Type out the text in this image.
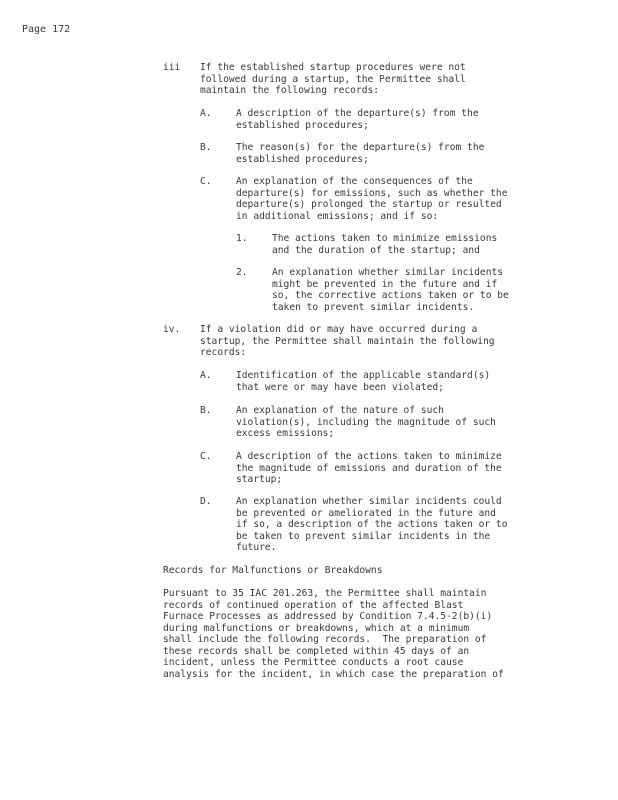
Page 172
iii If the established startup procedures were not
followed during a startup, the Permittee shall
maintain the following records:
A.	A description of the departure(s) from the
established procedures;
B.	The reason(s) for the departure(s) from the
established procedures;
C.	An explanation of the consequences of the
departure(s) for emissions, such as whether the
departure(s) prolonged the startup or resulted
in additional emissions; and if so:
1.	The actions taken to minimize emissions
and the duration of the startup; and
2.	An explanation whether similar incidents
might be prevented in the future and if
so, the corrective actions taken or to be
taken to prevent similar incidents.
iv. If a violation did or may have occurred during a
startup, the Permittee shall maintain the following
records:
A.	Identification of the applicable standard(s)
that were or may have been violated;
B.	An explanation of the nature of such
violation(s), including the magnitude of such
excess emissions;
C.	A description of the actions taken to minimize
the magnitude of emissions and duration of the
startup;
D.	An explanation whether similar incidents could
be prevented or ameliorated in the future and
if so, a description of the actions taken or to
be taken to prevent similar incidents in the
future.
Records for Malfunctions or Breakdowns
Pursuant to 35 IAC 201.263, the Permittee shall maintain
records of continued operation of the affected Blast
Furnace Processes as addressed by Condition 7.4.5-2(b)(i)
during malfunctions or breakdowns, which at a minimum
shall include the following records.  The preparation of
these records shall be completed within 45 days of an
incident, unless the Permittee conducts a root cause
analysis for the incident, in which case the preparation of
